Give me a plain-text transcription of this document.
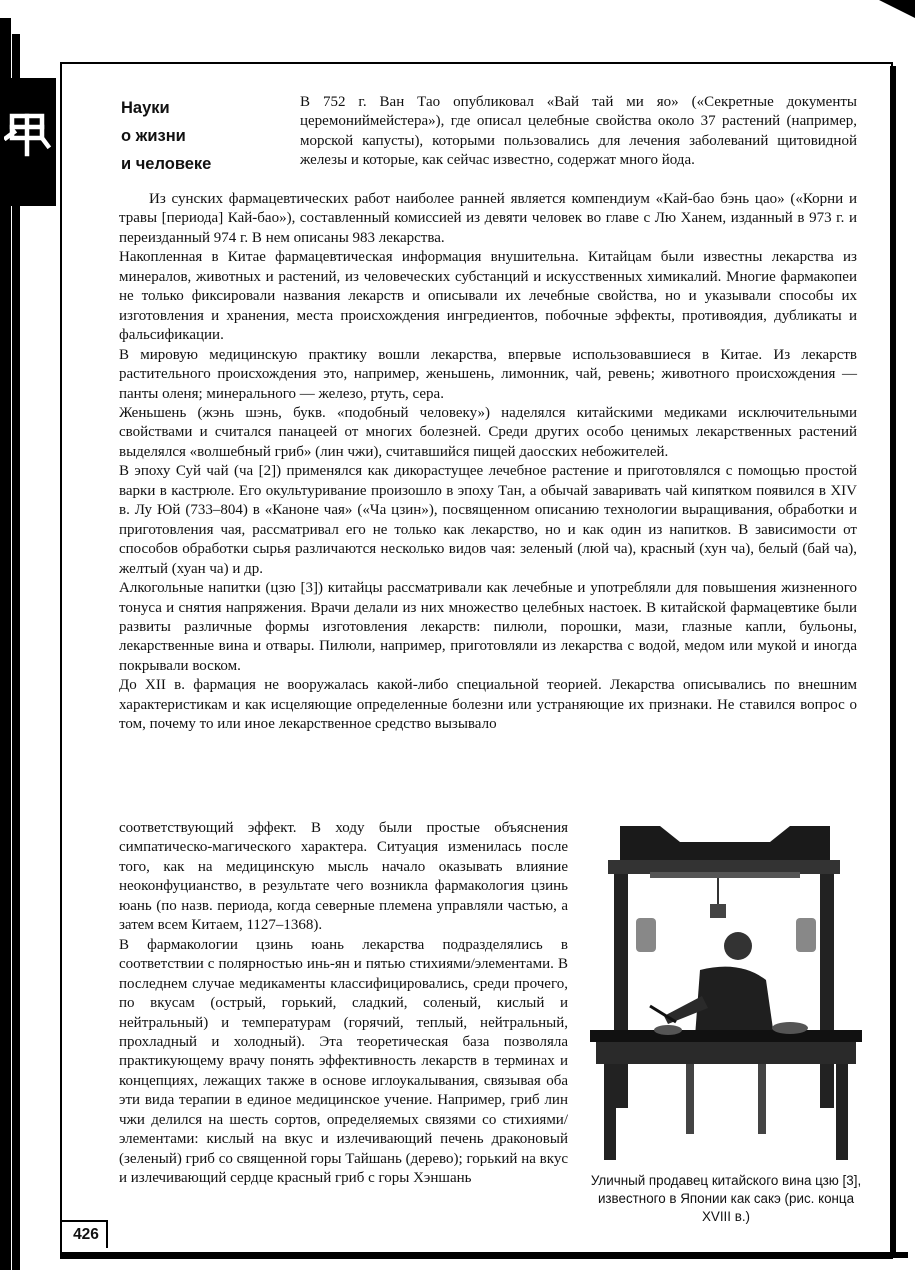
Науки
о жизни
и человеке

В 752 г. Ван Тао опубликовал «Вай тай ми яо» («Секретные документы церемониймейстера»), где описал целебные свойства около 37 растений (например, морской капусты), которыми пользовались для лечения заболеваний щитовидной железы и которые, как сейчас известно, содержат много йода.

Из сунских фармацевтических работ наиболее ранней является компендиум «Кай-бао бэнь цао» («Корни и травы [периода] Кай-бао»), составленный комиссией из девяти человек во главе с Лю Ханем, изданный в 973 г. и переизданный 974 г. В нем описаны 983 лекарства.

Накопленная в Китае фармацевтическая информация внушительна. Китайцам были известны лекарства из минералов, животных и растений, из человеческих субстанций и искусственных химикалий. Многие фармакопеи не только фиксировали названия лекарств и описывали их лечебные свойства, но и указывали способы их изготовления и хранения, места происхождения ингредиентов, побочные эффекты, противоядия, дубликаты и фальсификации.

В мировую медицинскую практику вошли лекарства, впервые использовавшиеся в Китае. Из лекарств растительного происхождения это, например, женьшень, лимонник, чай, ревень; животного происхождения — панты оленя; минерального — железо, ртуть, сера.

Женьшень (жэнь шэнь, букв. «подобный человеку») наделялся китайскими медиками исключительными свойствами и считался панацеей от многих болезней. Среди других особо ценимых лекарственных растений выделялся «волшебный гриб» (лин чжи), считавшийся пищей даосских небожителей.

В эпоху Суй чай (ча [2]) применялся как дикорастущее лечебное растение и приготовлялся с помощью простой варки в кастрюле. Его окультуривание произошло в эпоху Тан, а обычай заваривать чай кипятком появился в XIV в. Лу Юй (733–804) в «Каноне чая» («Ча цзин»), посвященном описанию технологии выращивания, обработки и приготовления чая, рассматривал его не только как лекарство, но и как один из напитков. В зависимости от способов обработки сырья различаются несколько видов чая: зеленый (люй ча), красный (хун ча), белый (бай ча), желтый (хуан ча) и др.

Алкогольные напитки (цзю [3]) китайцы рассматривали как лечебные и употребляли для повышения жизненного тонуса и снятия напряжения. Врачи делали из них множество целебных настоек. В китайской фармацевтике были развиты различные формы изготовления лекарств: пилюли, порошки, мази, глазные капли, бульоны, лекарственные вина и отвары. Пилюли, например, приготовляли из лекарства с водой, медом или мукой и иногда покрывали воском.

До XII в. фармация не вооружалась какой-либо специальной теорией. Лекарства описывались по внешним характеристикам и как исцеляющие определенные болезни или устраняющие их признаки. Не ставился вопрос о том, почему то или иное лекарственное средство вызывало

соответствующий эффект. В ходу были простые объяснения симпатическо-магического характера. Ситуация изменилась после того, как на медицинскую мысль начало оказывать влияние неоконфуцианство, в результате чего возникла фармакология цзинь юань (по назв. периода, когда северные племена управляли частью, а затем всем Китаем, 1127–1368).

В фармакологии цзинь юань лекарства подразделялись в соответствии с полярностью инь-ян и пятью стихиями/элементами. В последнем случае медикаменты классифицировались, среди прочего, по вкусам (острый, горький, сладкий, соленый, кислый и нейтральный) и температурам (горячий, теплый, нейтральный, прохладный и холодный). Эта теоретическая база позволяла практикующему врачу понять эффективность лекарств в терминах и концепциях, лежащих также в основе иглоукалывания, связывая оба эти вида терапии в единое медицинское учение. Например, гриб лин чжи делился на шесть сортов, определяемых связями со стихиями/элементами: кислый на вкус и излечивающий печень драконовый (зеленый) гриб со священной горы Тайшань (дерево); горький на вкус и излечивающий сердце красный гриб с горы Хэншань	Уличный продавец китайского вина цзю [3], известного в Японии как сакэ (рис. конца XVIII в.)
426
